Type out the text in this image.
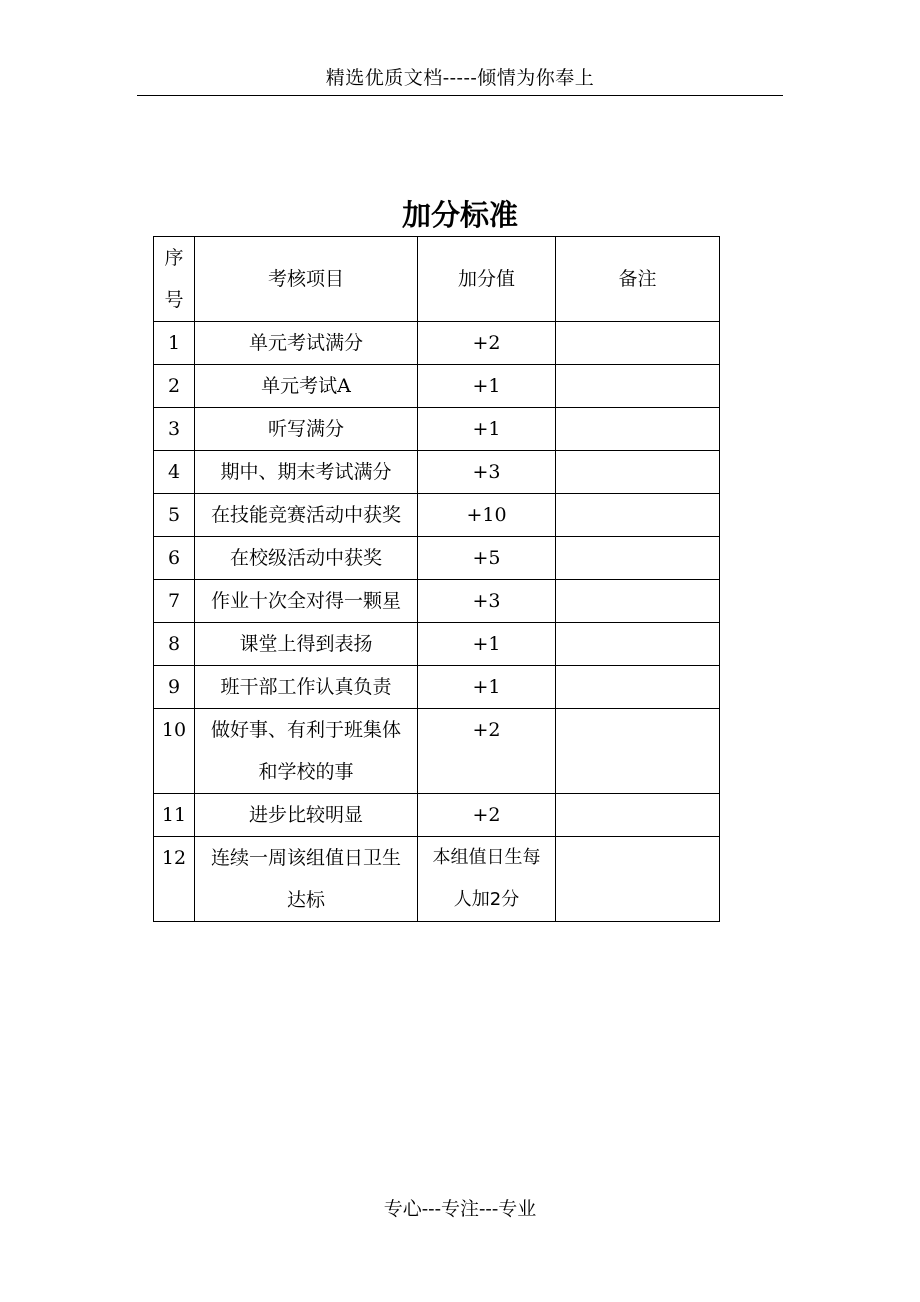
精选优质文档-----倾情为你奉上
加分标准
序号	考核项目	加分值	备注
1	单元考试满分	+2	
2	单元考试A	+1	
3	听写满分	+1	
4	期中、期末考试满分	+3	
5	在技能竞赛活动中获奖	+10	
6	在校级活动中获奖	+5	
7	作业十次全对得一颗星	+3	
8	课堂上得到表扬	+1	
9	班干部工作认真负责	+1	
10	做好事、有利于班集体和学校的事	+2	
11	进步比较明显	+2	
12	连续一周该组值日卫生达标	本组值日生每人加2分	

专心---专注---专业
